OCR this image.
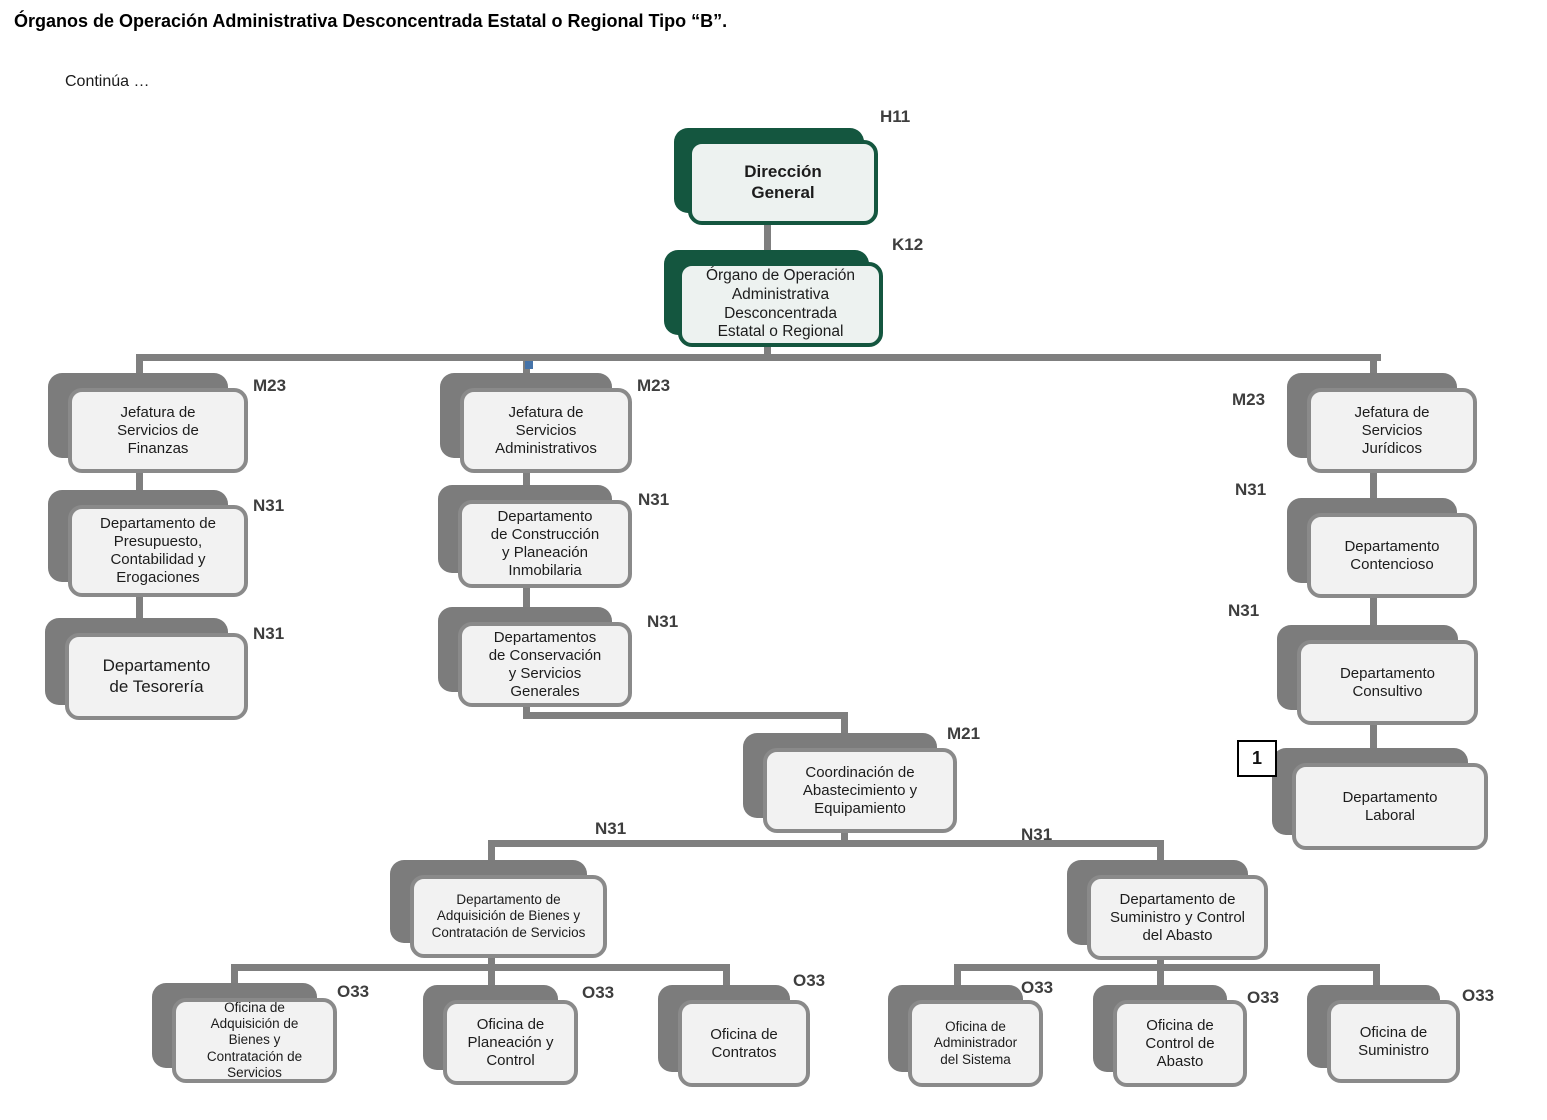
Órganos de Operación Administrativa Desconcentrada Estatal o Regional Tipo “B”.
Continúa …
Dirección General
H11
Órgano de Operación Administrativa Desconcentrada Estatal o Regional
K12
Jefatura de Servicios de Finanzas
M23
Departamento de Presupuesto, Contabilidad y Erogaciones
N31
Departamento de Tesorería
N31
Jefatura de Servicios Administrativos
M23
Departamento de Construcción y Planeación Inmobilaria
N31
Departamentos de Conservación y Servicios Generales
N31
Coordinación de Abastecimiento y Equipamiento
M21
Departamento de Adquisición de Bienes y Contratación de Servicios
N31
Oficina de Adquisición de Bienes y Contratación de Servicios
O33
Oficina de Planeación y Control
O33
Oficina de Contratos
O33
Departamento de Suministro y Control del Abasto
N31
Oficina de Administrador del Sistema
O33
Oficina de Control de Abasto
O33
Oficina de Suministro
O33
Jefatura de Servicios Jurídicos
M23
Departamento Contencioso
N31
Departamento Consultivo
N31
Departamento Laboral
1
